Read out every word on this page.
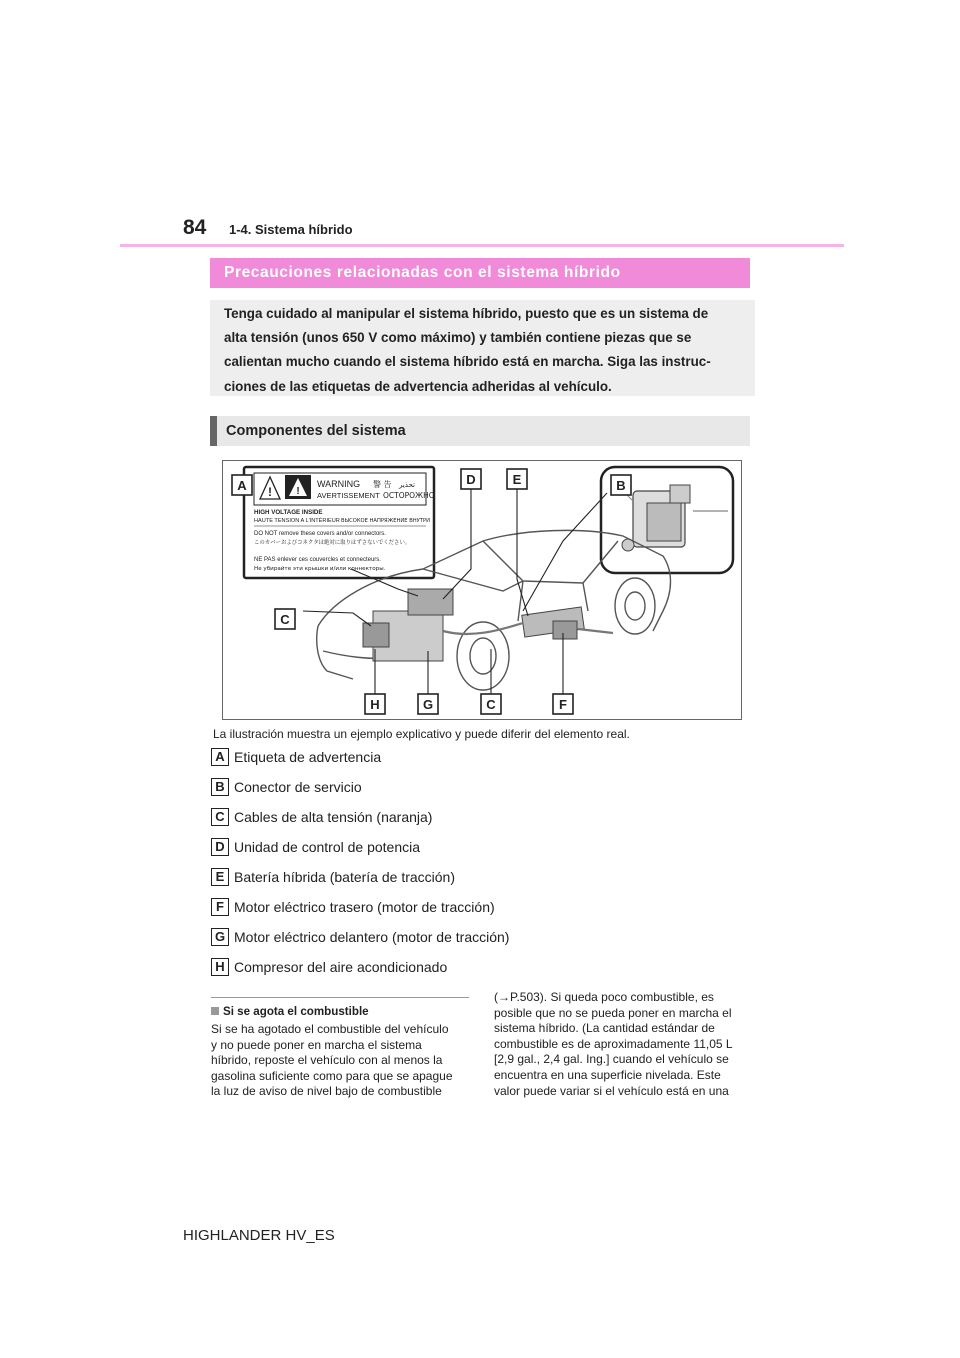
84 1-4. Sistema híbrido
Precauciones relacionadas con el sistema híbrido
Tenga cuidado al manipular el sistema híbrido, puesto que es un sistema de
alta tensión (unos 650 V como máximo) y también contiene piezas que se
calientan mucho cuando el sistema híbrido está en marcha. Siga las instruc-
ciones de las etiquetas de advertencia adheridas al vehículo.
Componentes del sistema
! !
WARNING 警 告 تحذير
AVERTISSEMENT ОСТОРОЖНО
HIGH VOLTAGE INSIDE
HAUTE TENSION A L'INTÉRIEUR ВЫСОКОЕ НАПРЯЖЕНИЕ ВНУТРИ
DO NOT remove these covers and/or connectors.
このカバーおよびコネクタは絶対に取りはずさないでください。
NE PAS enlever ces couvercles et connecteurs.
Не убирайте эти крышки и/или коннекторы.
A	B
C
D	E
H	G	C	F
La ilustración muestra un ejemplo explicativo y puede diferir del elemento real.
A Etiqueta de advertencia
B Conector de servicio
C Cables de alta tensión (naranja)
D Unidad de control de potencia
E Batería híbrida (batería de tracción)
F Motor eléctrico trasero (motor de tracción)
G Motor eléctrico delantero (motor de tracción)
H Compresor del aire acondicionado
Si se agota el combustible
Si se ha agotado el combustible del vehículo
y no puede poner en marcha el sistema
híbrido, reposte el vehículo con al menos la
gasolina suficiente como para que se apague
la luz de aviso de nivel bajo de combustible
(→P.503). Si queda poco combustible, es
posible que no se pueda poner en marcha el
sistema híbrido. (La cantidad estándar de
combustible es de aproximadamente 11,05 L
[2,9 gal., 2,4 gal. Ing.] cuando el vehículo se
encuentra en una superficie nivelada. Este
valor puede variar si el vehículo está en una
HIGHLANDER HV_ES
